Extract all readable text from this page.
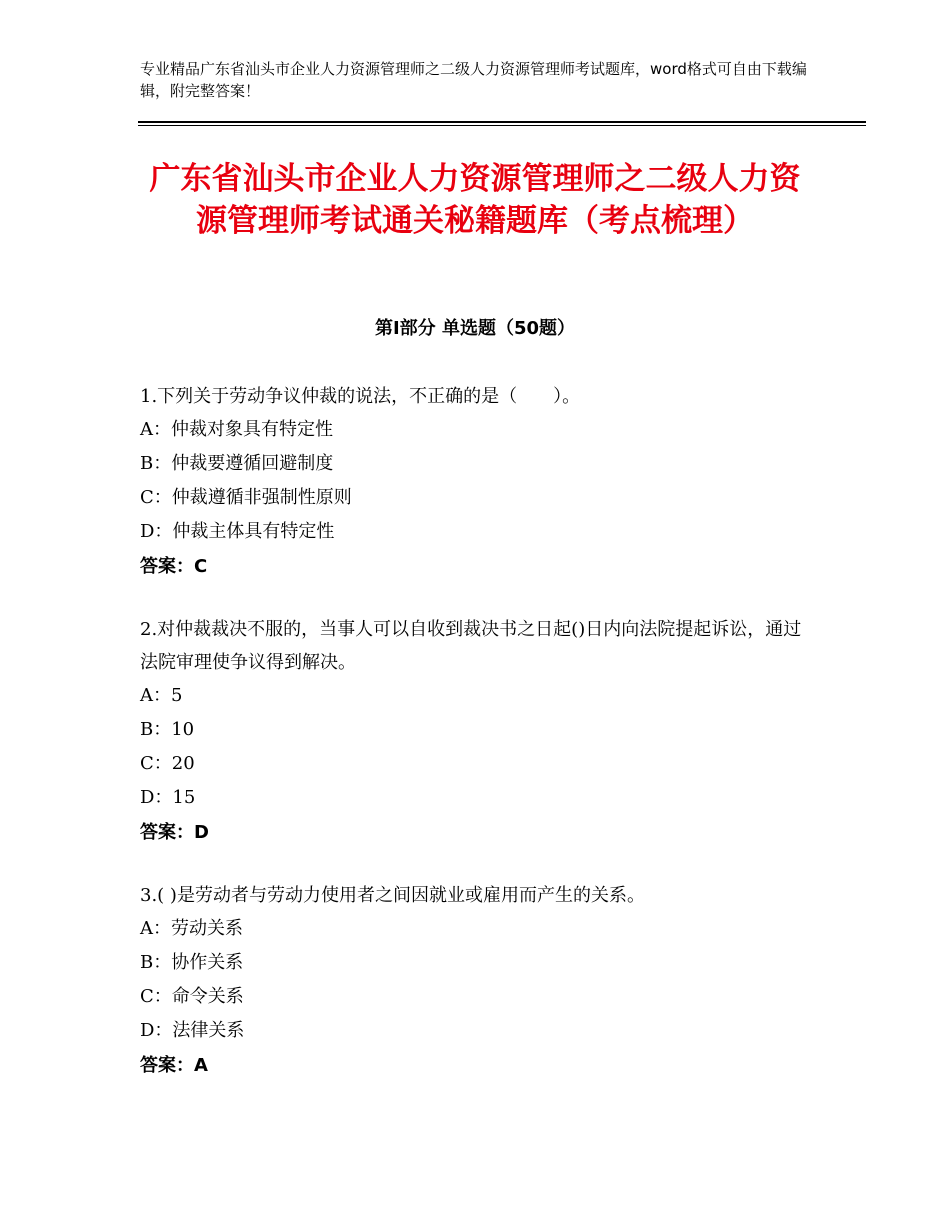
专业精品广东省汕头市企业人力资源管理师之二级人力资源管理师考试题库，word格式可自由下载编辑，附完整答案！
广东省汕头市企业人力资源管理师之二级人力资源管理师考试通关秘籍题库（考点梳理）
第Ⅰ部分 单选题（50题）

1.下列关于劳动争议仲裁的说法，不正确的是（　　）。

A：仲裁对象具有特定性

B：仲裁要遵循回避制度

C：仲裁遵循非强制性原则

D：仲裁主体具有特定性

答案：C

2.对仲裁裁决不服的，当事人可以自收到裁决书之日起()日内向法院提起诉讼，通过法院审理使争议得到解决。

A：5

B：10

C：20

D：15

答案：D

3.( )是劳动者与劳动力使用者之间因就业或雇用而产生的关系。

A：劳动关系

B：协作关系

C：命令关系

D：法律关系

答案：A
